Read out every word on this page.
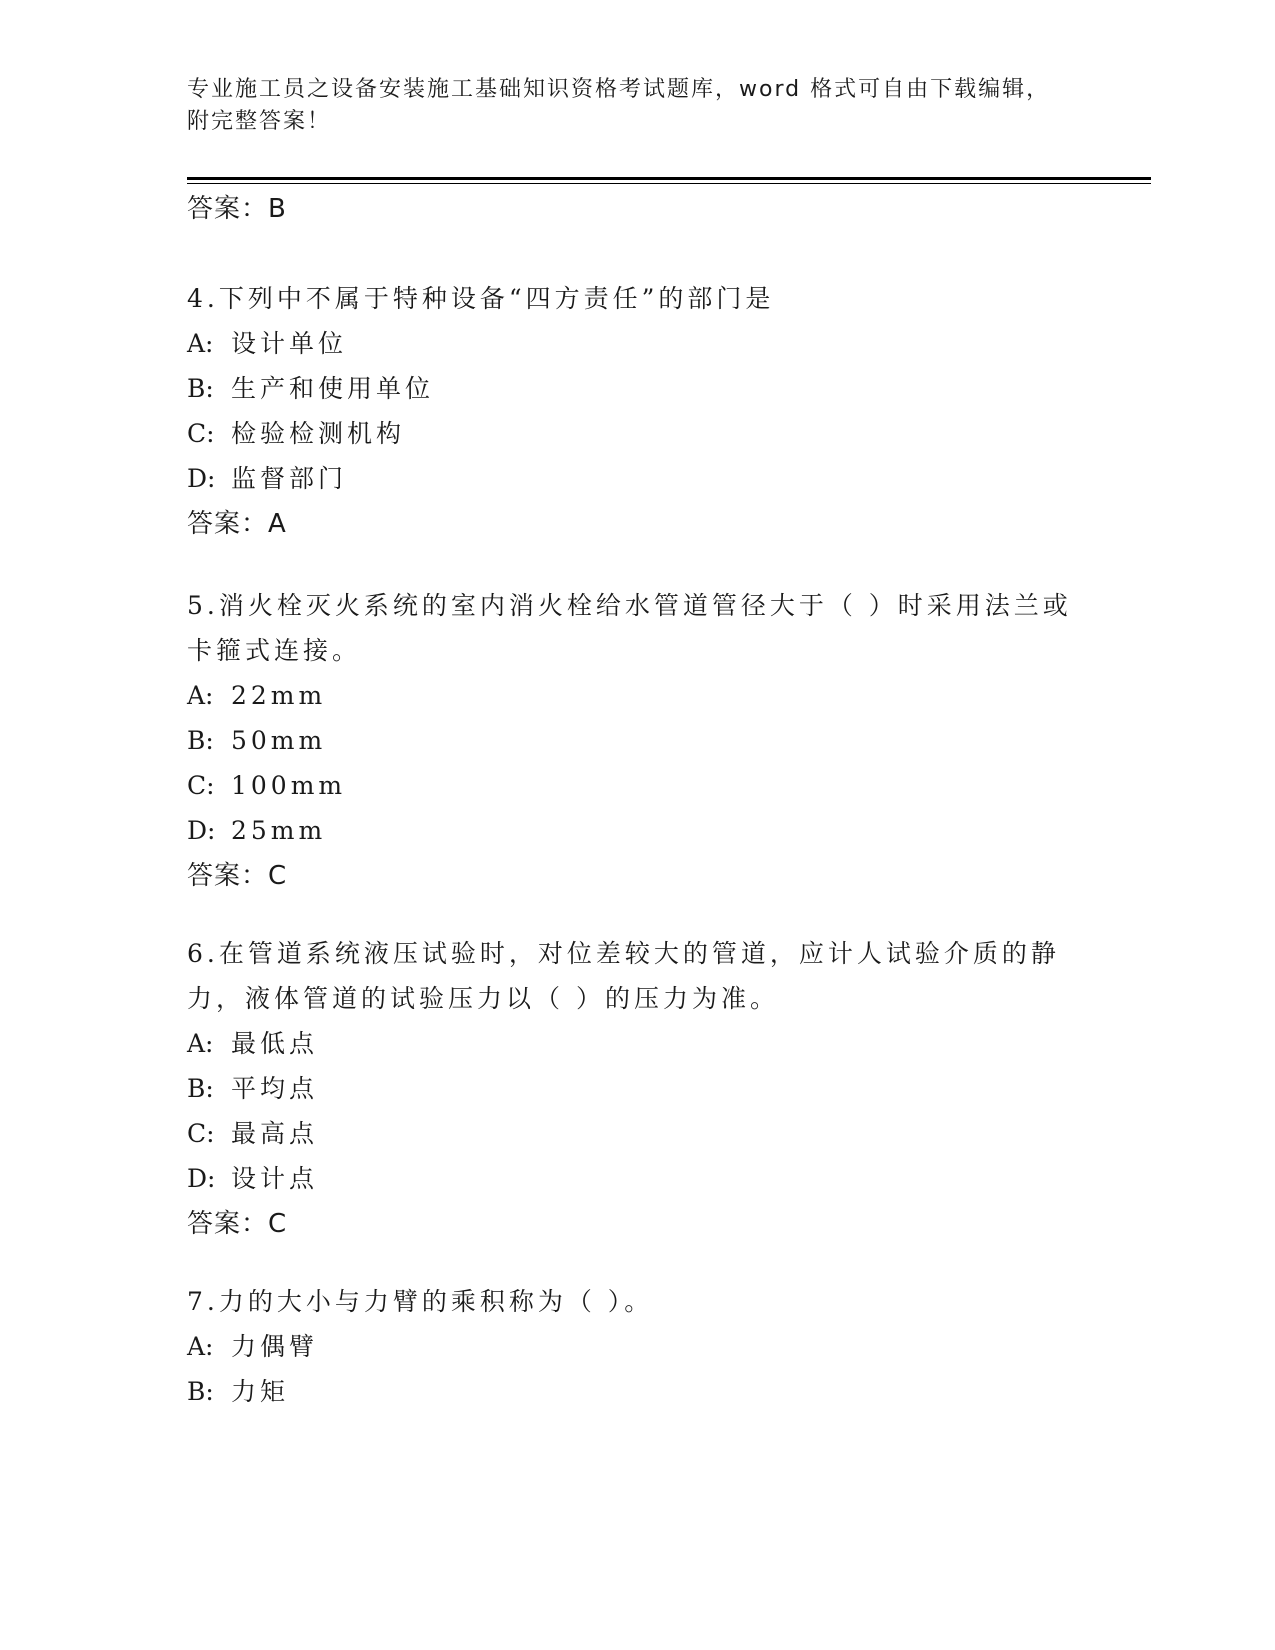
专业施工员之设备安装施工基础知识资格考试题库，word 格式可自由下载编辑，
附完整答案！
答案：B
4.下列中不属于特种设备“四方责任”的部门是
A: 设计单位
B: 生产和使用单位
C: 检验检测机构
D: 监督部门
答案：A
5.消火栓灭火系统的室内消火栓给水管道管径大于（ ）时采用法兰或卡箍式连接。
A: 22mm
B: 50mm
C: 100mm
D: 25mm
答案：C
6.在管道系统液压试验时，对位差较大的管道，应计人试验介质的静力，液体管道的试验压力以（ ）的压力为准。
A: 最低点
B: 平均点
C: 最高点
D: 设计点
答案：C
7.力的大小与力臂的乘积称为（ ）。
A: 力偶臂
B: 力矩
